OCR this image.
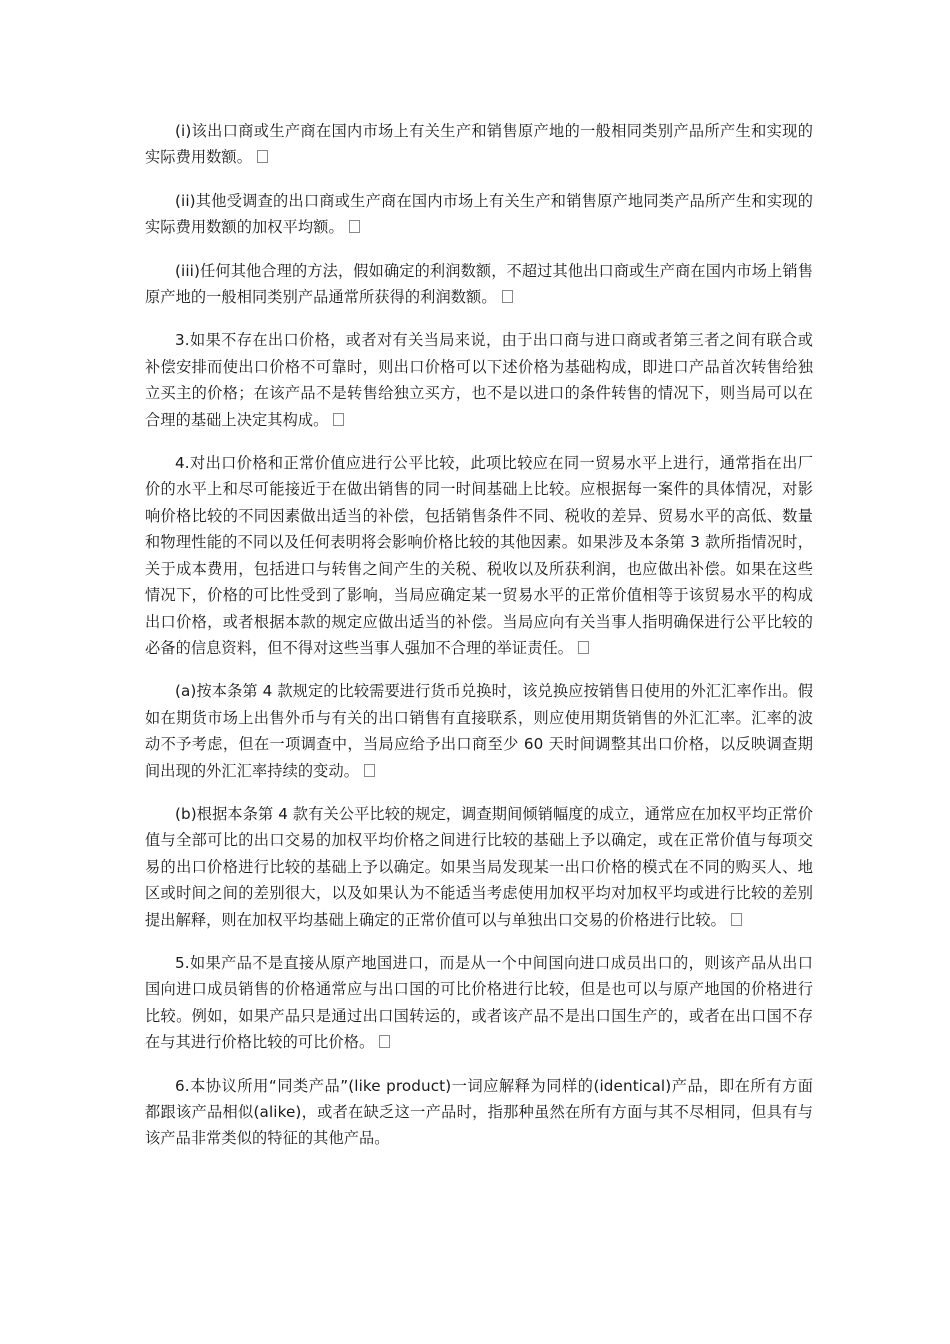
(i)该出口商或生产商在国内市场上有关生产和销售原产地的一般相同类别产品所产生和实现的实际费用数额。

(ii)其他受调查的出口商或生产商在国内市场上有关生产和销售原产地同类产品所产生和实现的实际费用数额的加权平均额。

(iii)任何其他合理的方法，假如确定的利润数额，不超过其他出口商或生产商在国内市场上销售原产地的一般相同类别产品通常所获得的利润数额。

3.如果不存在出口价格，或者对有关当局来说，由于出口商与进口商或者第三者之间有联合或补偿安排而使出口价格不可靠时，则出口价格可以下述价格为基础构成，即进口产品首次转售给独立买主的价格；在该产品不是转售给独立买方，也不是以进口的条件转售的情况下，则当局可以在合理的基础上决定其构成。

4.对出口价格和正常价值应进行公平比较，此项比较应在同一贸易水平上进行，通常指在出厂价的水平上和尽可能接近于在做出销售的同一时间基础上比较。应根据每一案件的具体情况，对影响价格比较的不同因素做出适当的补偿，包括销售条件不同、税收的差异、贸易水平的高低、数量和物理性能的不同以及任何表明将会影响价格比较的其他因素。如果涉及本条第 3 款所指情况时，关于成本费用，包括进口与转售之间产生的关税、税收以及所获利润，也应做出补偿。如果在这些情况下，价格的可比性受到了影响，当局应确定某一贸易水平的正常价值相等于该贸易水平的构成出口价格，或者根据本款的规定应做出适当的补偿。当局应向有关当事人指明确保进行公平比较的必备的信息资料，但不得对这些当事人强加不合理的举证责任。

(a)按本条第 4 款规定的比较需要进行货币兑换时，该兑换应按销售日使用的外汇汇率作出。假如在期货市场上出售外币与有关的出口销售有直接联系，则应使用期货销售的外汇汇率。汇率的波动不予考虑，但在一项调查中，当局应给予出口商至少 60 天时间调整其出口价格，以反映调查期间出现的外汇汇率持续的变动。

(b)根据本条第 4 款有关公平比较的规定，调查期间倾销幅度的成立，通常应在加权平均正常价值与全部可比的出口交易的加权平均价格之间进行比较的基础上予以确定，或在正常价值与每项交易的出口价格进行比较的基础上予以确定。如果当局发现某一出口价格的模式在不同的购买人、地区或时间之间的差别很大，以及如果认为不能适当考虑使用加权平均对加权平均或进行比较的差别提出解释，则在加权平均基础上确定的正常价值可以与单独出口交易的价格进行比较。

5.如果产品不是直接从原产地国进口，而是从一个中间国向进口成员出口的，则该产品从出口国向进口成员销售的价格通常应与出口国的可比价格进行比较，但是也可以与原产地国的价格进行比较。例如，如果产品只是通过出口国转运的，或者该产品不是出口国生产的，或者在出口国不存在与其进行价格比较的可比价格。

6.本协议所用“同类产品”(like product)一词应解释为同样的(identical)产品，即在所有方面都跟该产品相似(alike)，或者在缺乏这一产品时，指那种虽然在所有方面与其不尽相同，但具有与该产品非常类似的特征的其他产品。
